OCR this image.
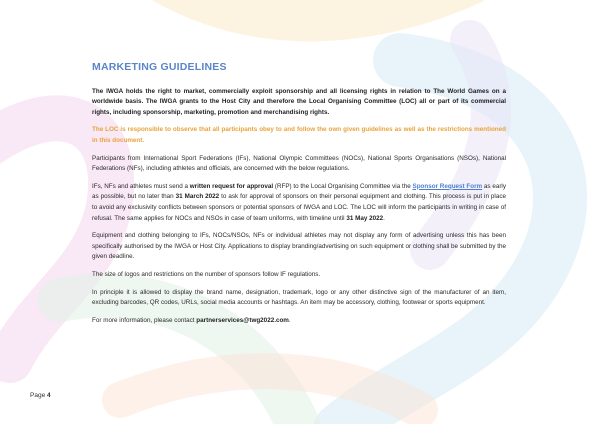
MARKETING GUIDELINES

The IWGA holds the right to market, commercially exploit sponsorship and all licensing rights in relation to The World Games on a worldwide basis. The IWGA grants to the Host City and therefore the Local Organising Committee (LOC) all or part of its commercial rights, including sponsorship, marketing, promotion and merchandising rights.

The LOC is responsible to observe that all participants obey to and follow the own given guidelines as well as the restrictions mentioned in this document.

Participants from International Sport Federations (IFs), National Olympic Committees (NOCs), National Sports Organisations (NSOs), National Federations (NFs), including athletes and officials, are concerned with the below regulations.

IFs, NFs and athletes must send a written request for approval (RFP) to the Local Organising Committee via the Sponsor Request Form as early as possible, but no later than 31 March 2022 to ask for approval of sponsors on their personal equipment and clothing. This process is put in place to avoid any exclusivity conflicts between sponsors or potential sponsors of IWGA and LOC. The LOC will inform the participants in writing in case of refusal. The same applies for NOCs and NSOs in case of team uniforms, with timeline until 31 May 2022.

Equipment and clothing belonging to IFs, NOCs/NSOs, NFs or individual athletes may not display any form of advertising unless this has been specifically authorised by the IWGA or Host City. Applications to display branding/advertising on such equipment or clothing shall be submitted by the given deadline.

The size of logos and restrictions on the number of sponsors follow IF regulations.

In principle it is allowed to display the brand name, designation, trademark, logo or any other distinctive sign of the manufacturer of an item, excluding barcodes, QR codes, URLs, social media accounts or hashtags. An item may be accessory, clothing, footwear or sports equipment.

For more information, please contact partnerservices@twg2022.com.

Page 4
